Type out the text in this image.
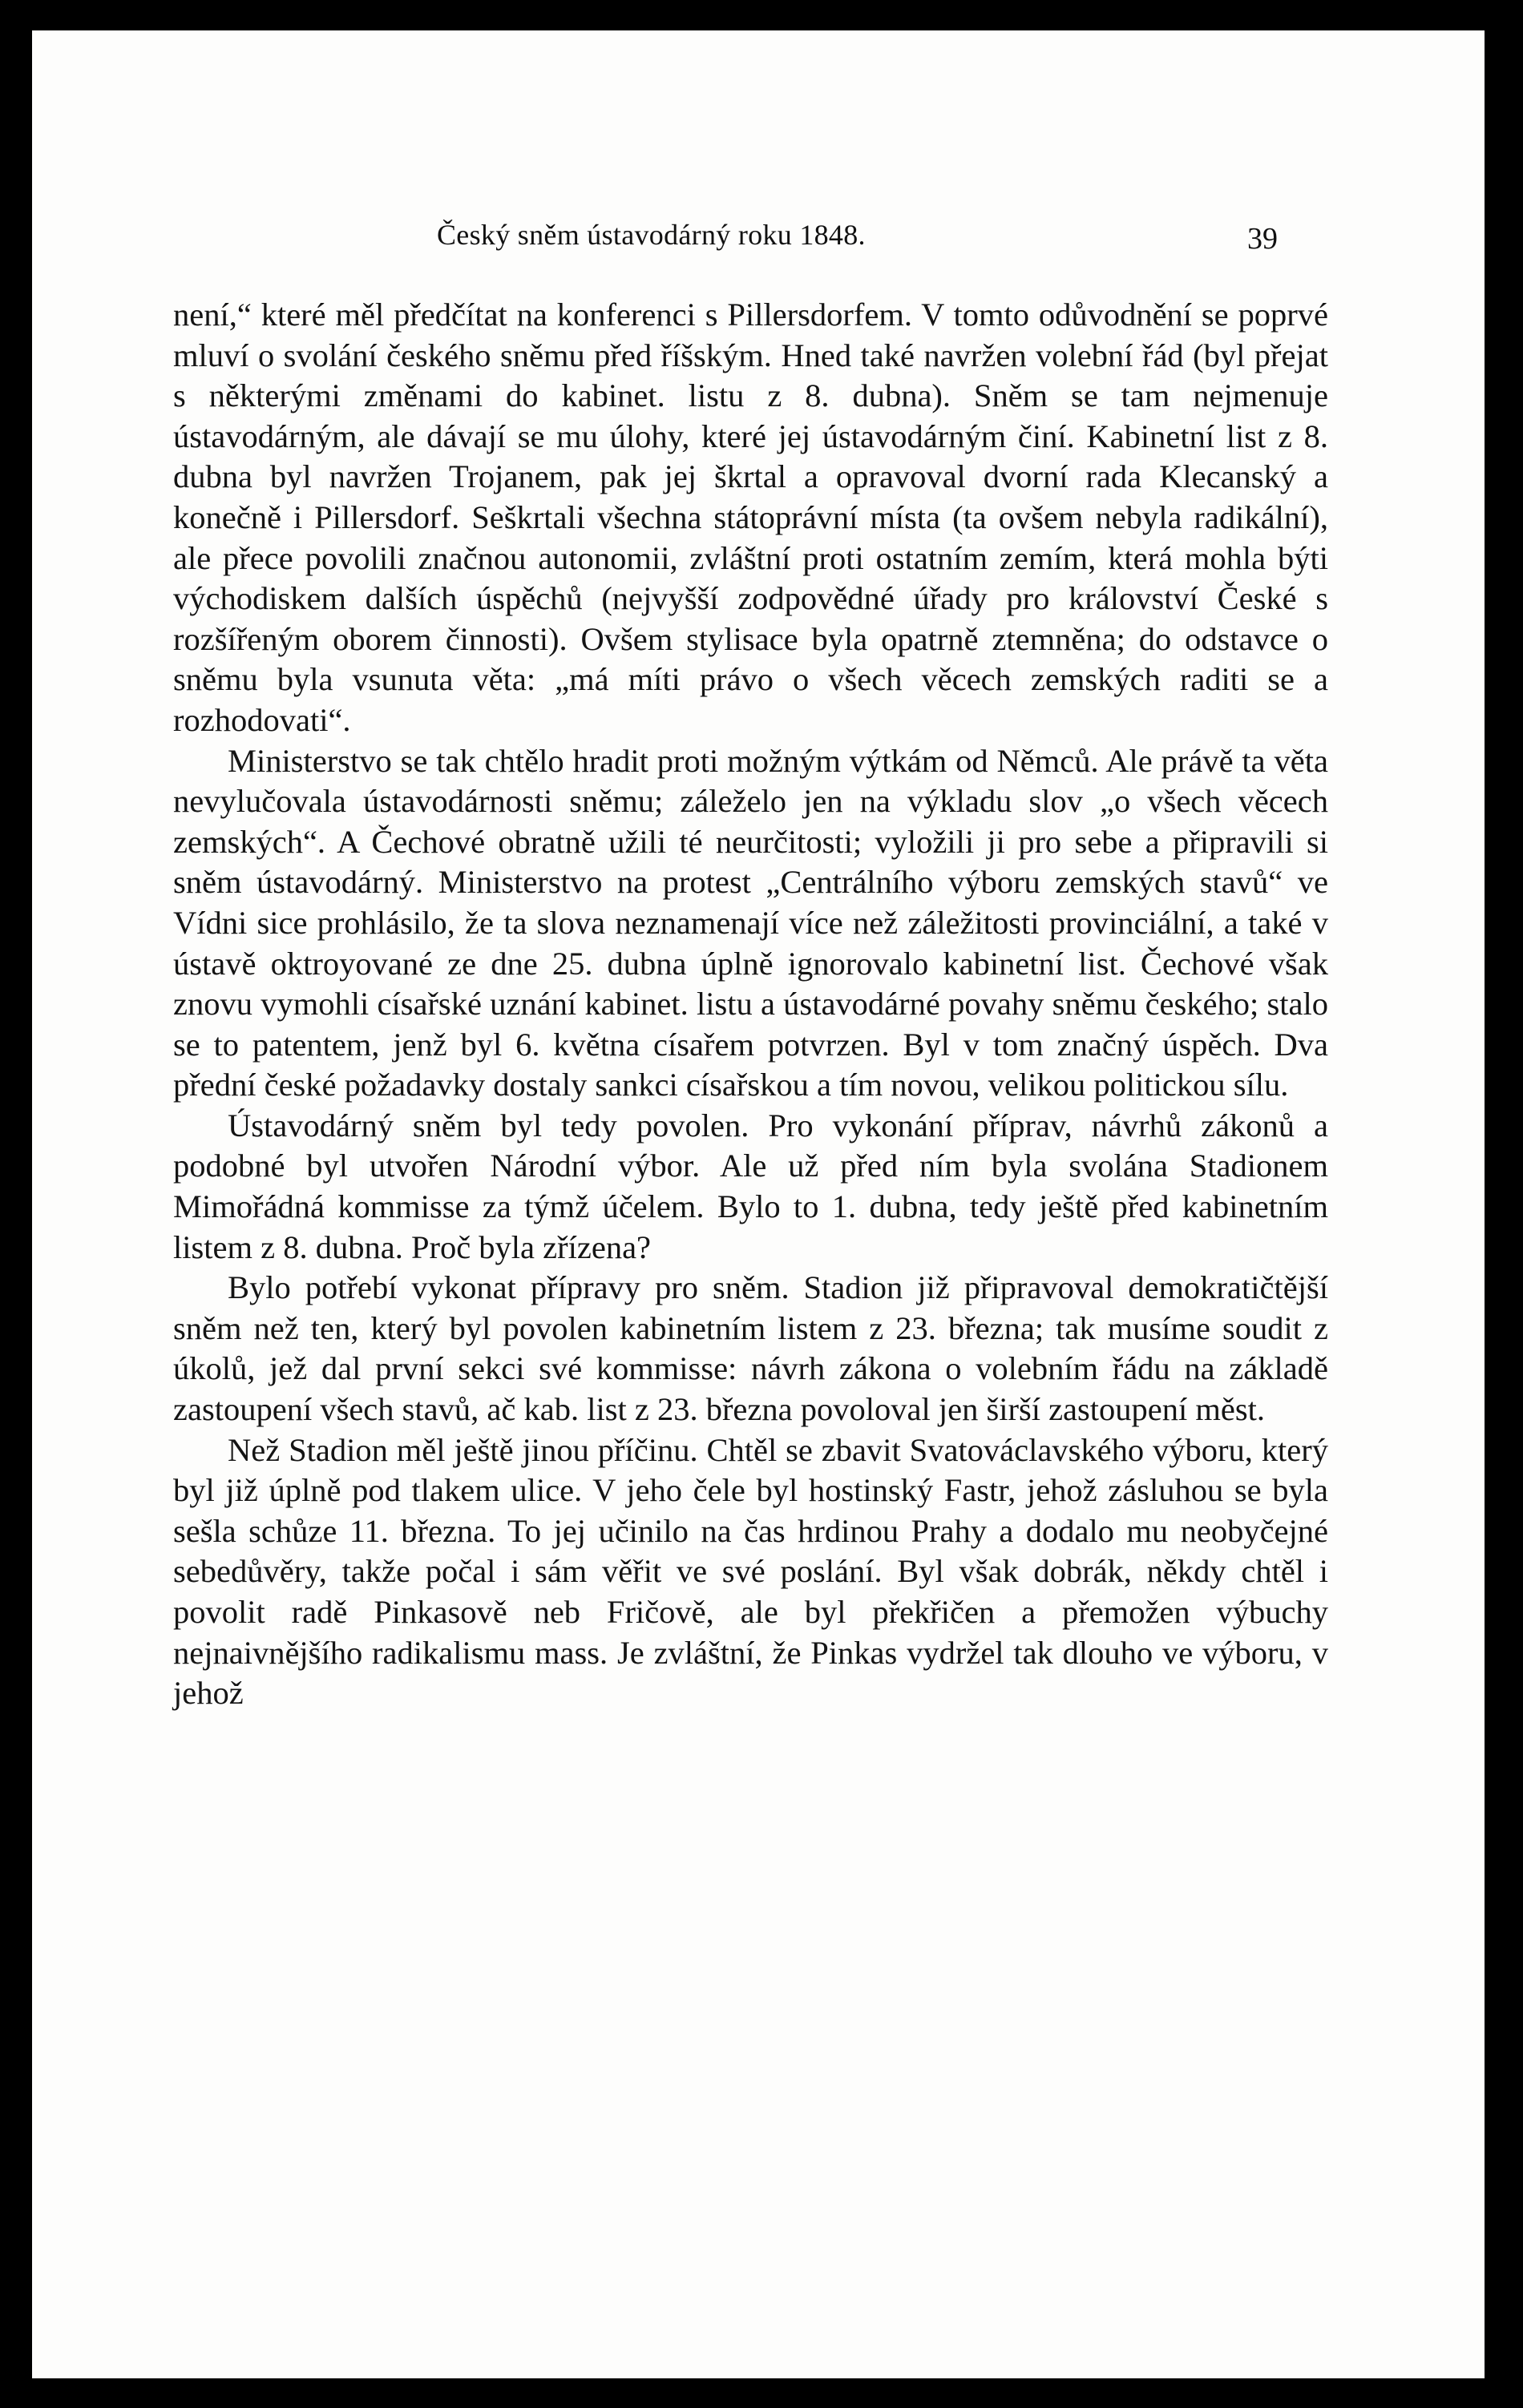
Český sněm ústavodárný roku 1848.	39

není,“ které měl předčítat na konferenci s Pillersdorfem. V tomto odůvodnění se poprvé mluví o svolání českého sněmu před říšským. Hned také navržen volební řád (byl přejat s některými změnami do kabinet. listu z 8. dubna). Sněm se tam nejmenuje ústavodárným, ale dávají se mu úlohy, které jej ústavodárným činí. Kabinetní list z 8. dubna byl navržen Trojanem, pak jej škrtal a opravoval dvorní rada Klecanský a konečně i Pillersdorf. Seškrtali všechna státoprávní místa (ta ovšem nebyla radikální), ale přece povolili značnou autonomii, zvláštní proti ostatním zemím, která mohla býti východiskem dalších úspěchů (nejvyšší zodpovědné úřady pro království České s rozšířeným oborem činnosti). Ovšem stylisace byla opatrně ztemněna; do odstavce o sněmu byla vsunuta věta: „má míti právo o všech věcech zemských raditi se a rozhodovati“.

Ministerstvo se tak chtělo hradit proti možným výtkám od Němců. Ale právě ta věta nevylučovala ústavodárnosti sněmu; záleželo jen na výkladu slov „o všech věcech zemských“. A Čechové obratně užili té neurčitosti; vyložili ji pro sebe a připravili si sněm ústavodárný. Ministerstvo na protest „Centrálního výboru zemských stavů“ ve Vídni sice prohlásilo, že ta slova neznamenají více než záležitosti provinciální, a také v ústavě oktroyované ze dne 25. dubna úplně ignorovalo kabinetní list. Čechové však znovu vymohli císařské uznání kabinet. listu a ústavodárné povahy sněmu českého; stalo se to patentem, jenž byl 6. května císařem potvrzen. Byl v tom značný úspěch. Dva přední české požadavky dostaly sankci císařskou a tím novou, velikou politickou sílu.

Ústavodárný sněm byl tedy povolen. Pro vykonání příprav, návrhů zákonů a podobné byl utvořen Národní výbor. Ale už před ním byla svolána Stadionem Mimořádná kommisse za týmž účelem. Bylo to 1. dubna, tedy ještě před kabinetním listem z 8. dubna. Proč byla zřízena?

Bylo potřebí vykonat přípravy pro sněm. Stadion již připravoval demokratičtější sněm než ten, který byl povolen kabinetním listem z 23. března; tak musíme soudit z úkolů, jež dal první sekci své kommisse: návrh zákona o volebním řádu na základě zastoupení všech stavů, ač kab. list z 23. března povoloval jen širší zastoupení měst.

Než Stadion měl ještě jinou příčinu. Chtěl se zbavit Svatováclavského výboru, který byl již úplně pod tlakem ulice. V jeho čele byl hostinský Fastr, jehož zásluhou se byla sešla schůze 11. března. To jej učinilo na čas hrdinou Prahy a dodalo mu neobyčejné sebedůvěry, takže počal i sám věřit ve své poslání. Byl však dobrák, někdy chtěl i povolit radě Pinkasově neb Fričově, ale byl překřičen a přemožen výbuchy nejnaivnějšího radikalismu mass. Je zvláštní, že Pinkas vydržel tak dlouho ve výboru, v jehož
